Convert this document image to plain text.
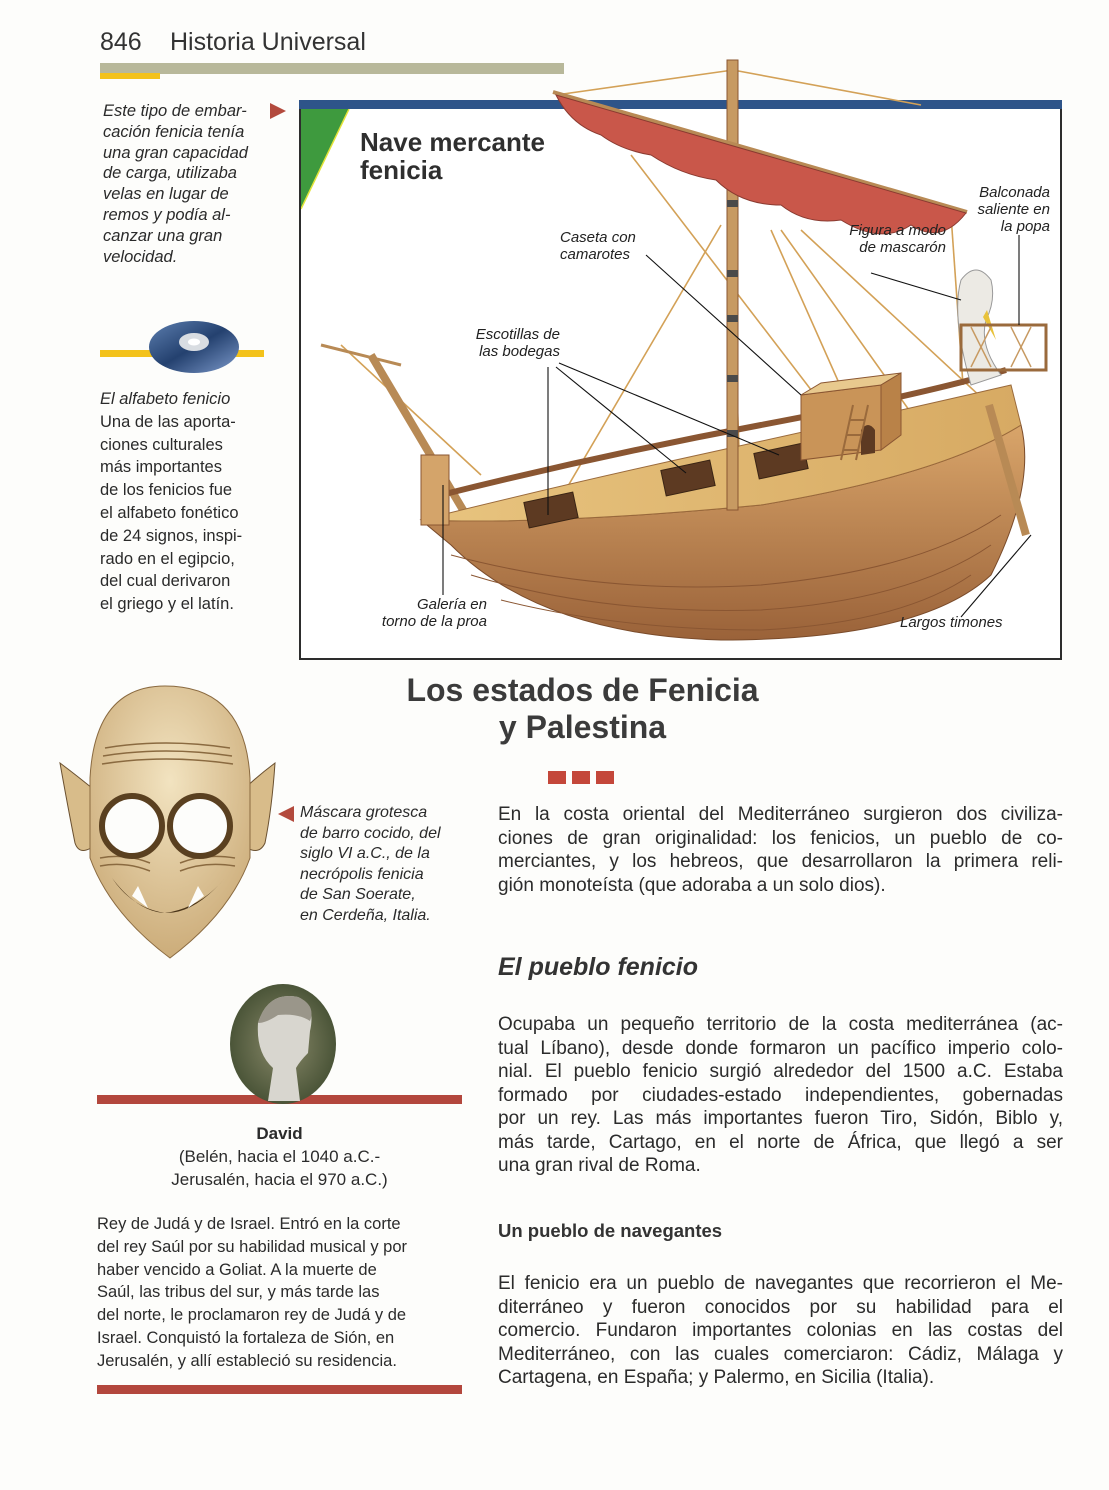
846 Historia Universal
Este tipo de embar-
cación fenicia tenía
una gran capacidad
de carga, utilizaba
velas en lugar de
remos y podía al-
canzar una gran
velocidad.
El alfabeto fenicio
Una de las aporta-
ciones culturales
más importantes
de los fenicios fue
el alfabeto fonético
de 24 signos, inspi-
rado en el egipcio,
del cual derivaron
el griego y el latín.
Nave mercante
fenicia
Caseta con
camarotes
Figura a modo
de mascarón
Balconada
saliente en
la popa
Escotillas de
las bodegas
Galería en
torno de la proa	Largos timones
Los estados de Fenicia
y Palestina
Máscara grotesca
de barro cocido, del
siglo VI a.C., de la
necrópolis fenicia
de San Soerate,
en Cerdeña, Italia.
En la costa oriental del Mediterráneo surgieron dos civiliza-
ciones de gran originalidad: los fenicios, un pueblo de co-
merciantes, y los hebreos, que desarrollaron la primera reli-
gión monoteísta (que adoraba a un solo dios).
El pueblo fenicio
Ocupaba un pequeño territorio de la costa mediterránea (ac-
tual Líbano), desde donde formaron un pacífico imperio colo-
nial. El pueblo fenicio surgió alrededor del 1500 a.C. Estaba
formado por ciudades-estado independientes, gobernadas
por un rey. Las más importantes fueron Tiro, Sidón, Biblo y,
más tarde, Cartago, en el norte de África, que llegó a ser
una gran rival de Roma.
Un pueblo de navegantes
El fenicio era un pueblo de navegantes que recorrieron el Me-
diterráneo y fueron conocidos por su habilidad para el
comercio. Fundaron importantes colonias en las costas del
Mediterráneo, con las cuales comerciaron: Cádiz, Málaga y
Cartagena, en España; y Palermo, en Sicilia (Italia).
David
(Belén, hacia el 1040 a.C.-
Jerusalén, hacia el 970 a.C.)
Rey de Judá y de Israel. Entró en la corte
del rey Saúl por su habilidad musical y por
haber vencido a Goliat. A la muerte de
Saúl, las tribus del sur, y más tarde las
del norte, le proclamaron rey de Judá y de
Israel. Conquistó la fortaleza de Sión, en
Jerusalén, y allí estableció su residencia.
